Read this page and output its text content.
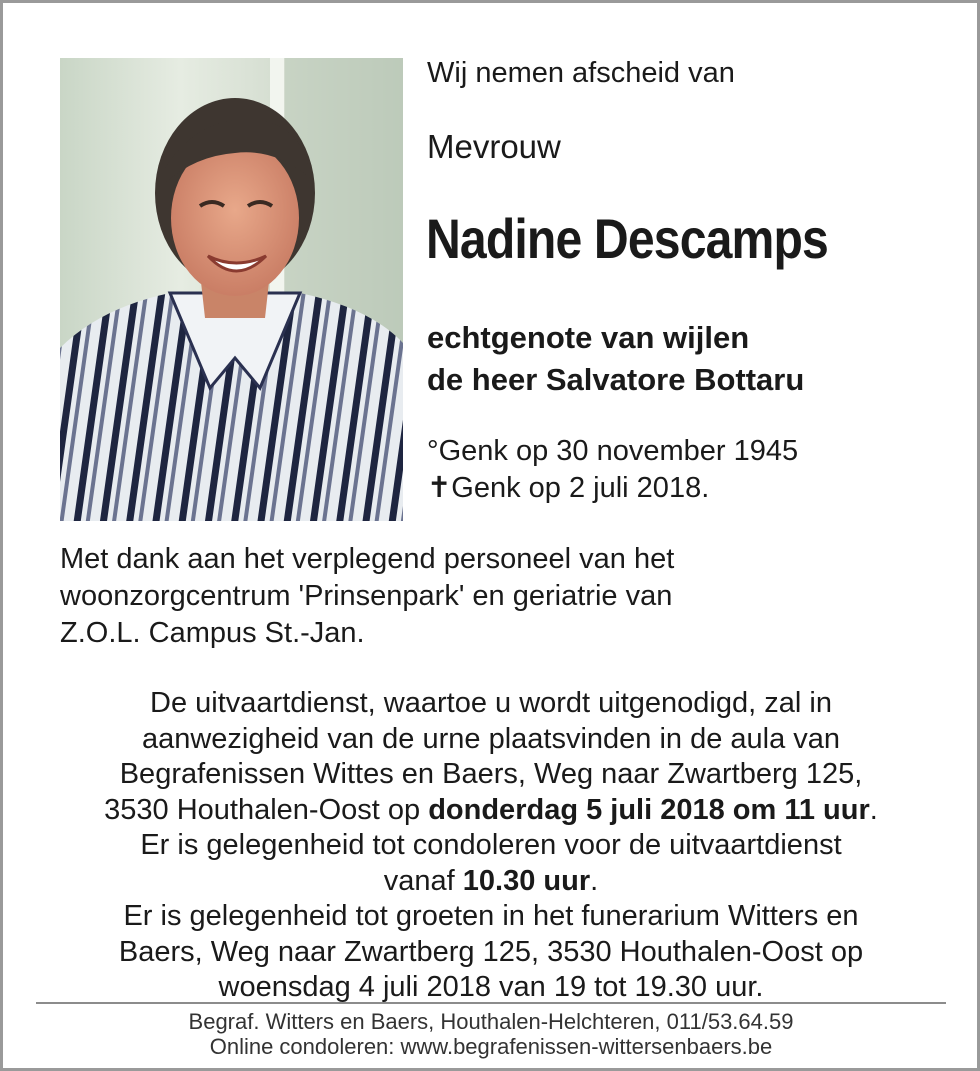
Wij nemen afscheid van
Mevrouw
Nadine Descamps
echtgenote van wijlen
de heer Salvatore Bottaru
°Genk op 30 november 1945
✝Genk op 2 juli 2018.
Met dank aan het verplegend personeel van het
woonzorgcentrum 'Prinsenpark' en geriatrie van
Z.O.L. Campus St.-Jan.
De uitvaartdienst, waartoe u wordt uitgenodigd, zal in
aanwezigheid van de urne plaatsvinden in de aula van
Begrafenissen Wittes en Baers, Weg naar Zwartberg 125,
3530 Houthalen-Oost op donderdag 5 juli 2018 om 11 uur.
Er is gelegenheid tot condoleren voor de uitvaartdienst
vanaf 10.30 uur.
Er is gelegenheid tot groeten in het funerarium Witters en
Baers, Weg naar Zwartberg 125, 3530 Houthalen-Oost op
woensdag 4 juli 2018 van 19 tot 19.30 uur.
Begraf. Witters en Baers, Houthalen-Helchteren, 011/53.64.59
Online condoleren: www.begrafenissen-wittersenbaers.be
